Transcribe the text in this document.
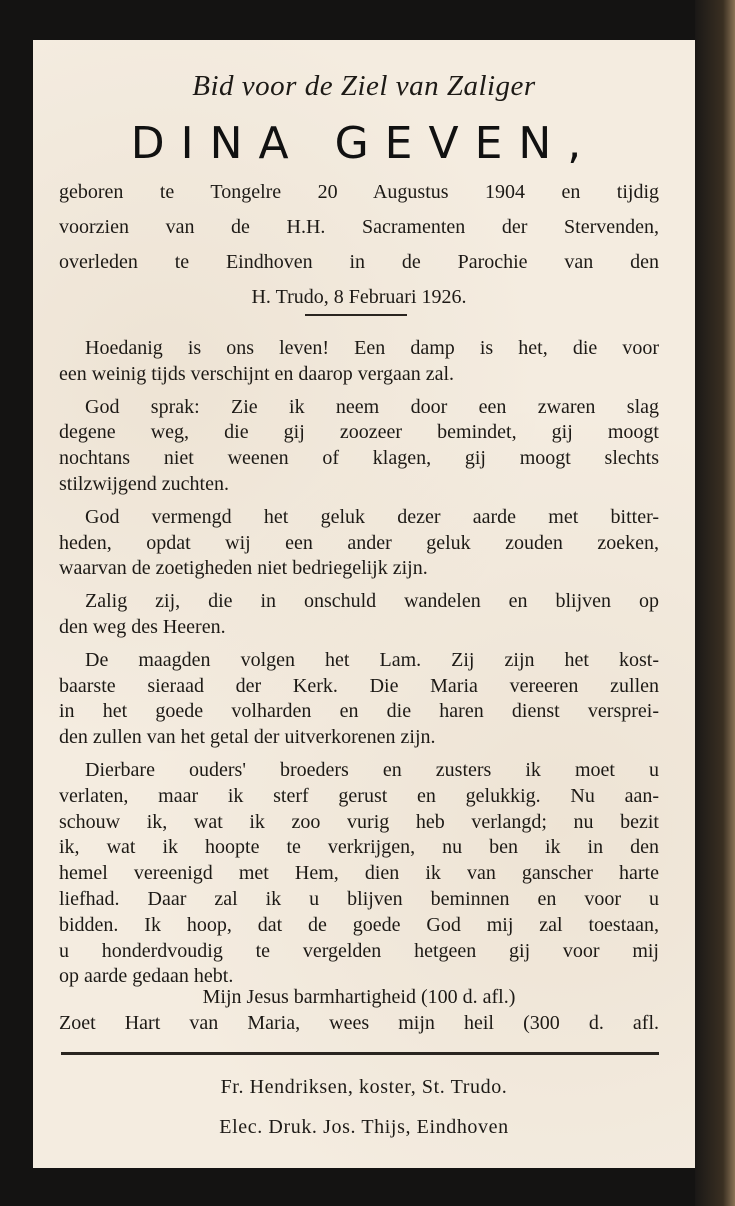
Bid voor de Ziel van Zaliger
DINA GEVEN,
geboren te Tongelre 20 Augustus 1904 en tijdig
voorzien van de H.H. Sacramenten der Stervenden,
overleden te Eindhoven in de Parochie van den
H. Trudo, 8 Februari 1926.
Hoedanig is ons leven! Een damp is het, die voor
een weinig tijds verschijnt en daarop vergaan zal.
God sprak: Zie ik neem door een zwaren slag
degene weg, die gij zoozeer bemindet, gij moogt
nochtans niet weenen of klagen, gij moogt slechts
stilzwijgend zuchten.
God vermengd het geluk dezer aarde met bitter-
heden, opdat wij een ander geluk zouden zoeken,
waarvan de zoetigheden niet bedriegelijk zijn.
Zalig zij, die in onschuld wandelen en blijven op
den weg des Heeren.
De maagden volgen het Lam. Zij zijn het kost-
baarste sieraad der Kerk. Die Maria vereeren zullen
in het goede volharden en die haren dienst versprei-
den zullen van het getal der uitverkorenen zijn.
Dierbare ouders' broeders en zusters ik moet u
verlaten, maar ik sterf gerust en gelukkig. Nu aan-
schouw ik, wat ik zoo vurig heb verlangd; nu bezit
ik, wat ik hoopte te verkrijgen, nu ben ik in den
hemel vereenigd met Hem, dien ik van ganscher harte
liefhad. Daar zal ik u blijven beminnen en voor u
bidden. Ik hoop, dat de goede God mij zal toestaan,
u honderdvoudig te vergelden hetgeen gij voor mij
op aarde gedaan hebt.
Mijn Jesus barmhartigheid (100 d. afl.)
Zoet Hart van Maria, wees mijn heil (300 d. afl.
Fr. Hendriksen, koster, St. Trudo.
Elec. Druk. Jos. Thijs, Eindhoven
